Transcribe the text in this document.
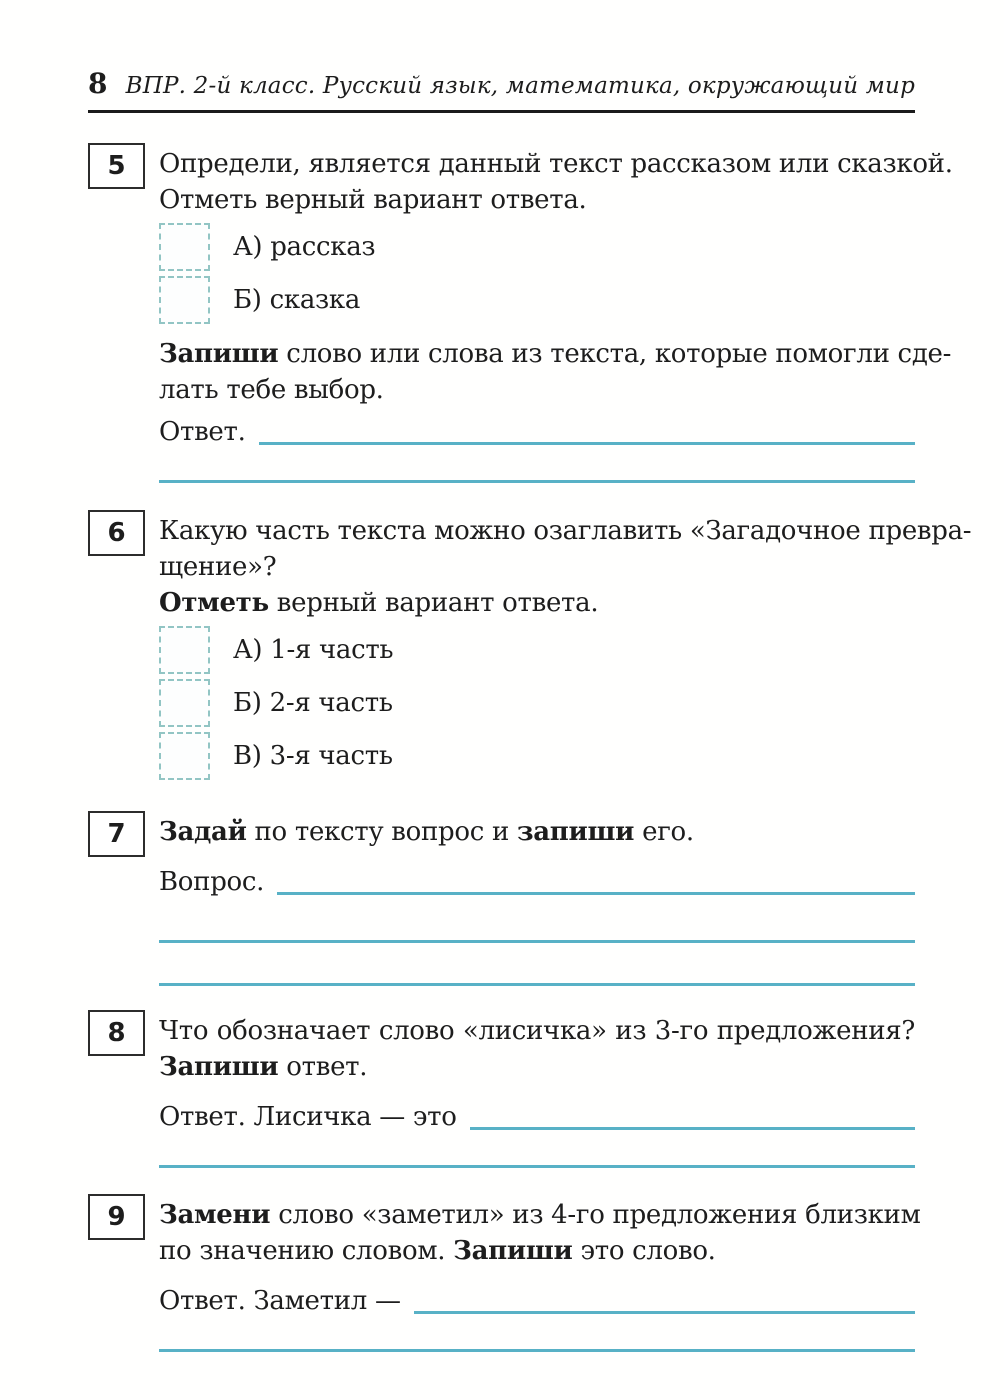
8 ВПР. 2-й класс. Русский язык, математика, окружающий мир
5 Определи, является данный текст рассказом или сказкой.
Отметь верный вариант ответа.
А) рассказ
Б) сказка
Запиши слово или слова из текста, которые помогли сде-
лать тебе выбор.
Ответ.
6 Какую часть текста можно озаглавить «Загадочное превра-
щение»?
Отметь верный вариант ответа.
А) 1-я часть
Б) 2-я часть
В) 3-я часть
7 Задай по тексту вопрос и запиши его.
Вопрос.
8 Что обозначает слово «лисичка» из 3-го предложения?
Запиши ответ.
Ответ. Лисичка — это
9 Замени слово «заметил» из 4-го предложения близким
по значению словом. Запиши это слово.
Ответ. Заметил —
